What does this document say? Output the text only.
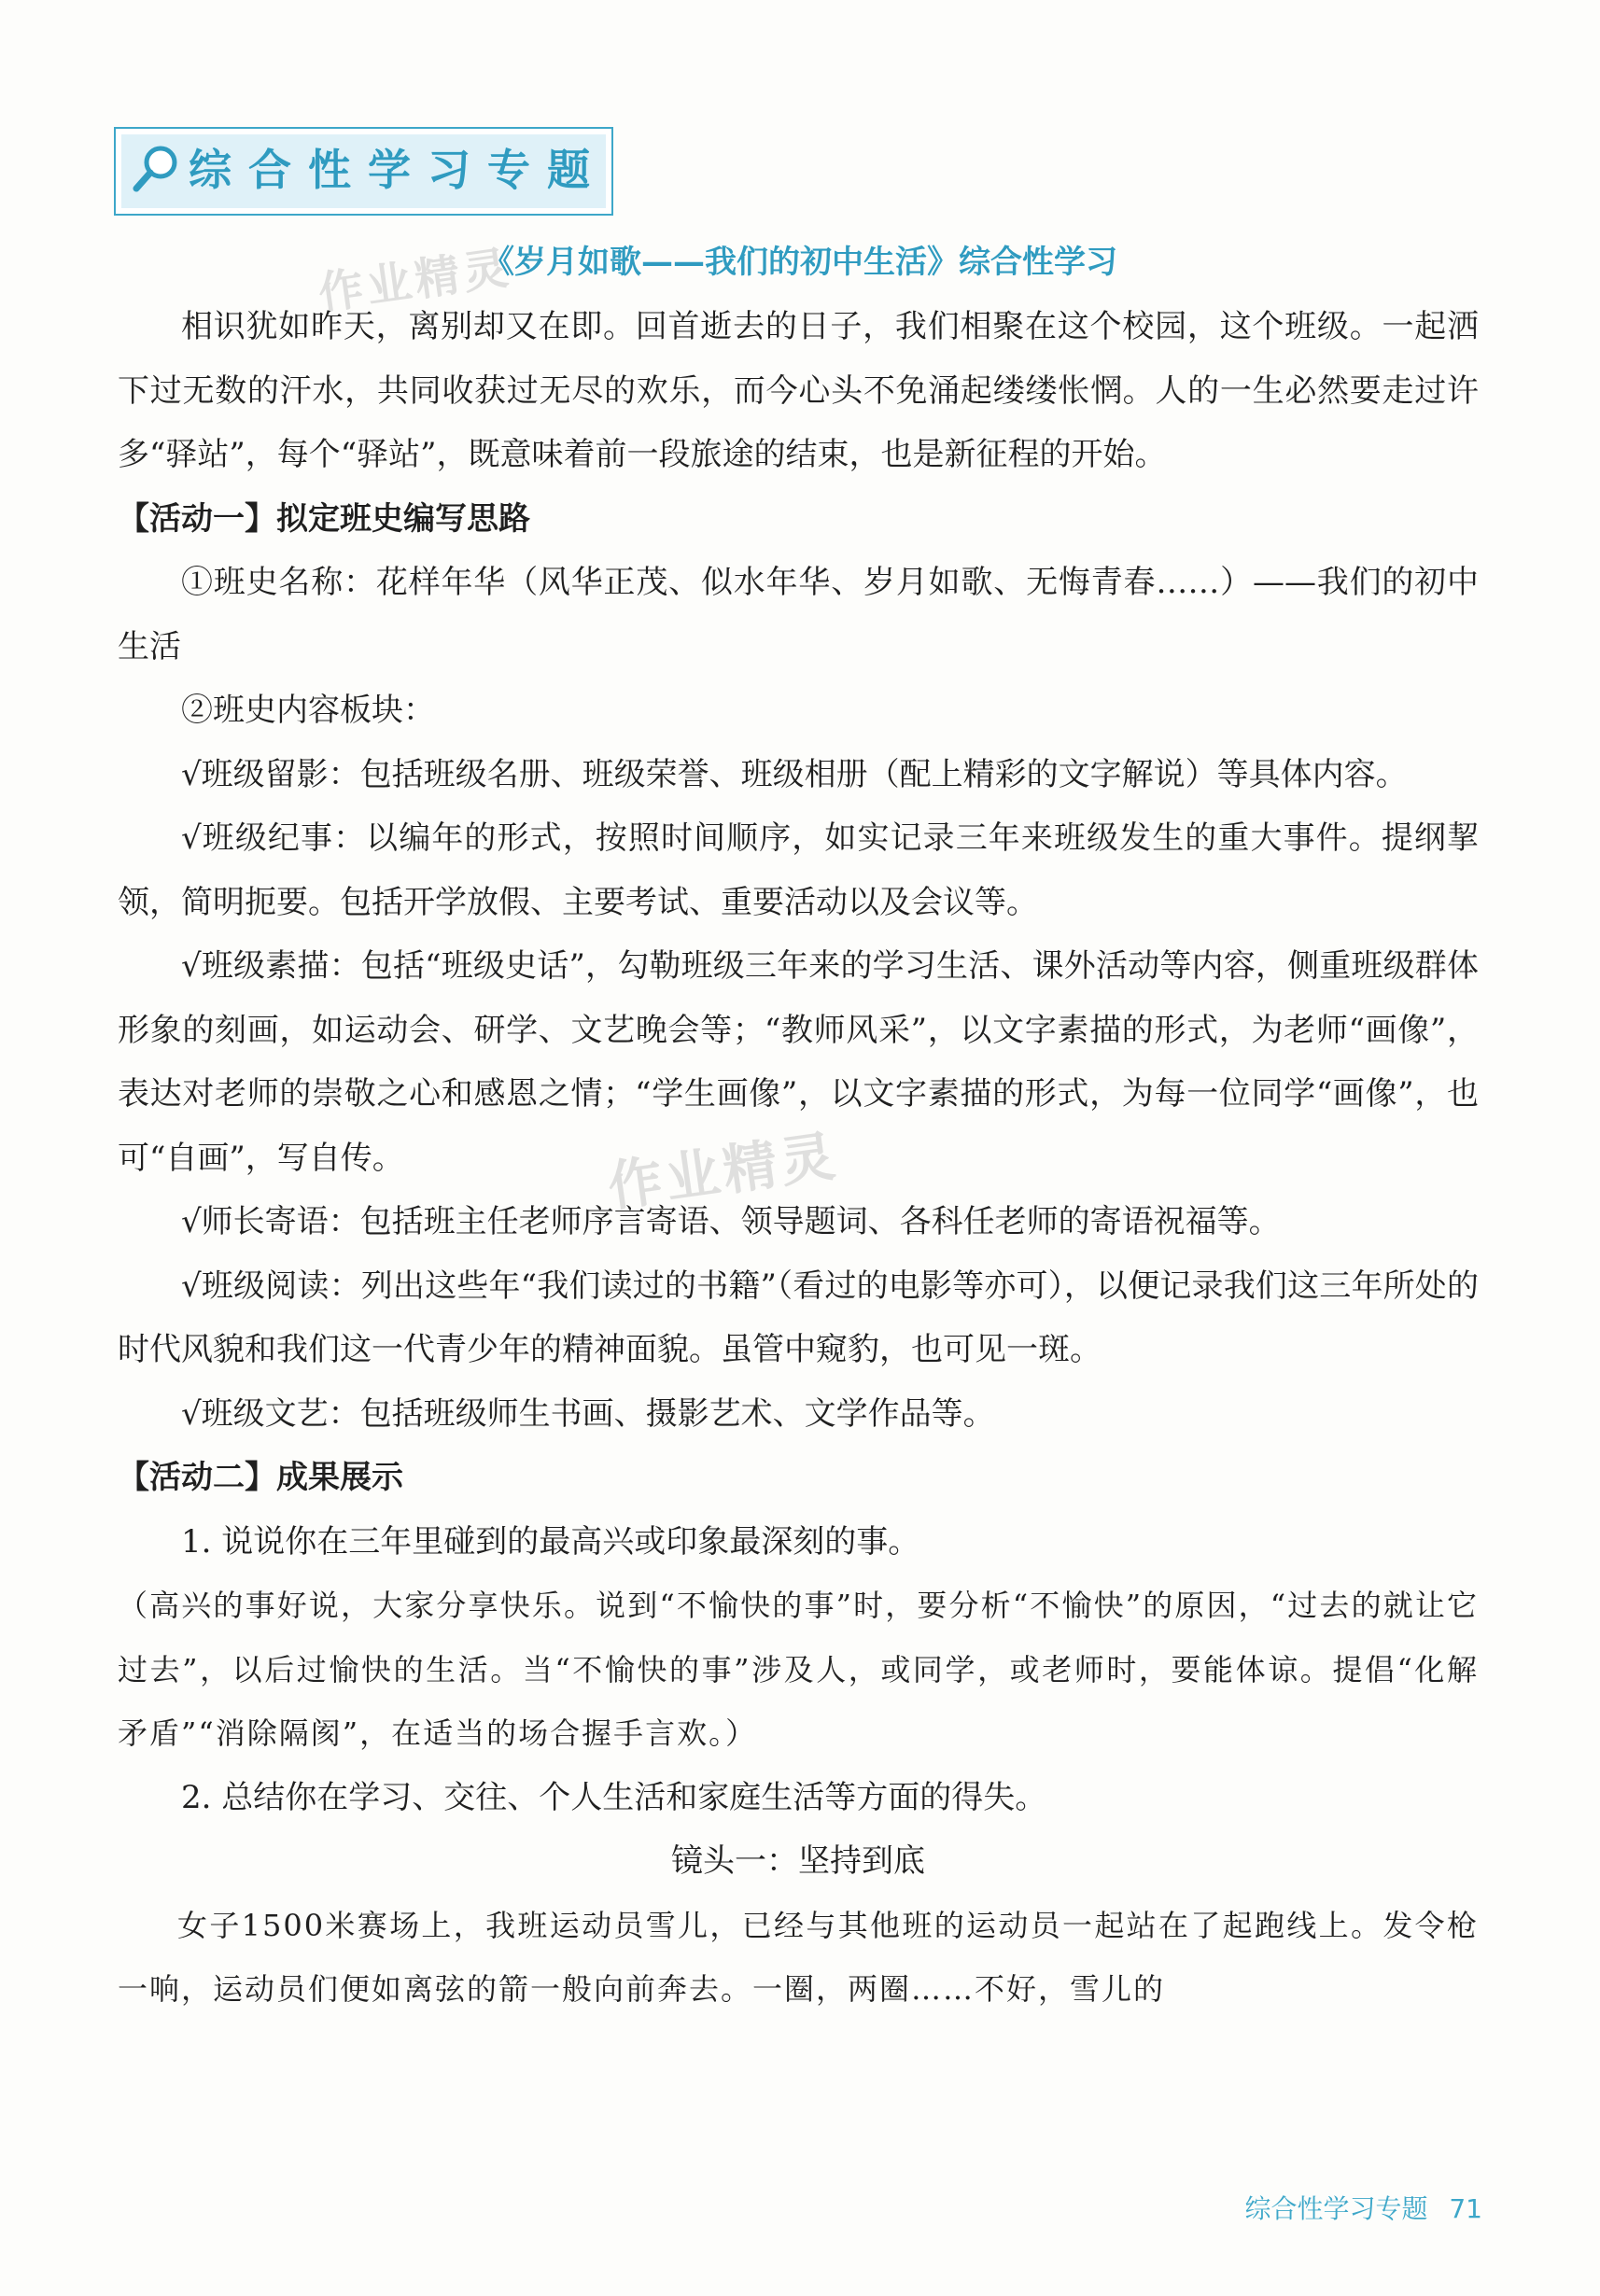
综合性学习专题
作业精灵
作业精灵
《岁月如歌——我们的初中生活》综合性学习

相识犹如昨天，离别却又在即。回首逝去的日子，我们相聚在这个校园，这个班级。一起洒下过无数的汗水，共同收获过无尽的欢乐，而今心头不免涌起缕缕怅惘。人的一生必然要走过许多“驿站”，每个“驿站”，既意味着前一段旅途的结束，也是新征程的开始。

【活动一】拟定班史编写思路

①班史名称：花样年华（风华正茂、似水年华、岁月如歌、无悔青春……）——我们的初中生活

②班史内容板块：

√班级留影：包括班级名册、班级荣誉、班级相册（配上精彩的文字解说）等具体内容。

√班级纪事：以编年的形式，按照时间顺序，如实记录三年来班级发生的重大事件。提纲挈领，简明扼要。包括开学放假、主要考试、重要活动以及会议等。

√班级素描：包括“班级史话”，勾勒班级三年来的学习生活、课外活动等内容，侧重班级群体形象的刻画，如运动会、研学、文艺晚会等；“教师风采”，以文字素描的形式，为老师“画像”，表达对老师的崇敬之心和感恩之情；“学生画像”，以文字素描的形式，为每一位同学“画像”，也可“自画”，写自传。

√师长寄语：包括班主任老师序言寄语、领导题词、各科任老师的寄语祝福等。

√班级阅读：列出这些年“我们读过的书籍”（看过的电影等亦可），以便记录我们这三年所处的时代风貌和我们这一代青少年的精神面貌。虽管中窥豹，也可见一斑。

√班级文艺：包括班级师生书画、摄影艺术、文学作品等。

【活动二】成果展示

1. 说说你在三年里碰到的最高兴或印象最深刻的事。

（高兴的事好说，大家分享快乐。说到“不愉快的事”时，要分析“不愉快”的原因，“过去的就让它过去”，以后过愉快的生活。当“不愉快的事”涉及人，或同学，或老师时，要能体谅。提倡“化解矛盾”“消除隔阂”，在适当的场合握手言欢。）

2. 总结你在学习、交往、个人生活和家庭生活等方面的得失。

镜头一：坚持到底

女子1500米赛场上，我班运动员雪儿，已经与其他班的运动员一起站在了起跑线上。发令枪一响，运动员们便如离弦的箭一般向前奔去。一圈，两圈……不好，雪儿的

综合性学习专题 71
